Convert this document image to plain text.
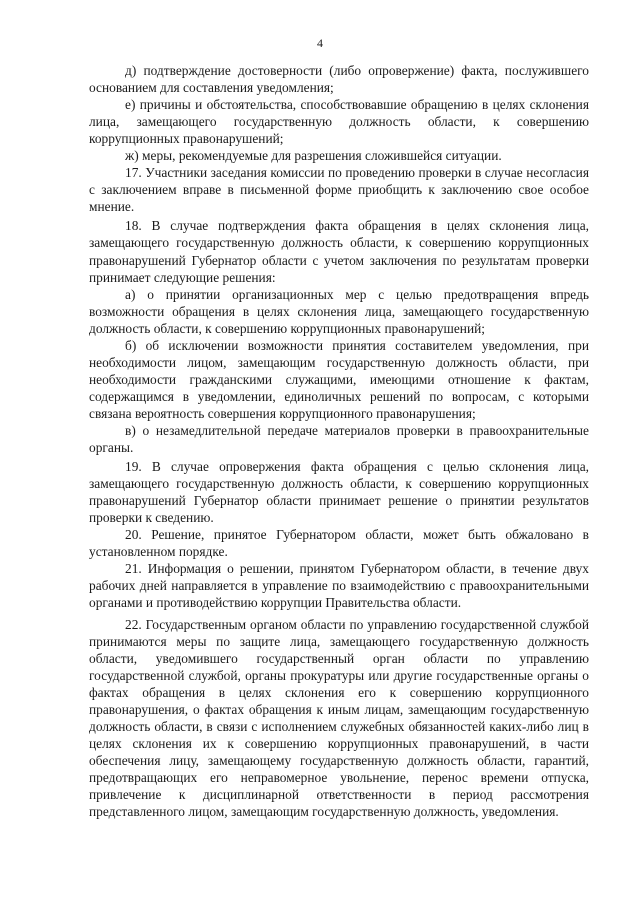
4

д) подтверждение достоверности (либо опровержение) факта, послужившего основанием для составления уведомления;

е) причины и обстоятельства, способствовавшие обращению в целях склонения лица, замещающего государственную должность области, к совершению коррупционных правонарушений;

ж) меры, рекомендуемые для разрешения сложившейся ситуации.

17. Участники заседания комиссии по проведению проверки в случае несогласия с заключением вправе в письменной форме приобщить к заключению свое особое мнение.

18. В случае подтверждения факта обращения в целях склонения лица, замещающего государственную должность области, к совершению коррупционных правонарушений Губернатор области с учетом заключения по результатам проверки принимает следующие решения:

а) о принятии организационных мер с целью предотвращения впредь возможности обращения в целях склонения лица, замещающего государственную должность области, к совершению коррупционных правонарушений;

б) об исключении возможности принятия составителем уведомления, при необходимости лицом, замещающим государственную должность области, при необходимости гражданскими служащими, имеющими отношение к фактам, содержащимся в уведомлении, единоличных решений по вопросам, с которыми связана вероятность совершения коррупционного правонарушения;

в) о незамедлительной передаче материалов проверки в правоохранительные органы.

19. В случае опровержения факта обращения с целью склонения лица, замещающего государственную должность области, к совершению коррупционных правонарушений Губернатор области принимает решение о принятии результатов проверки к сведению.

20. Решение, принятое Губернатором области, может быть обжаловано в установленном порядке.

21. Информация о решении, принятом Губернатором области, в течение двух рабочих дней направляется в управление по взаимодействию с правоохранительными органами и противодействию коррупции Правительства области.

22. Государственным органом области по управлению государственной службой принимаются меры по защите лица, замещающего государственную должность области, уведомившего государственный орган области по управлению государственной службой, органы прокуратуры или другие государственные органы о фактах обращения в целях склонения его к совершению коррупционного правонарушения, о фактах обращения к иным лицам, замещающим государственную должность области, в связи с исполнением служебных обязанностей каких-либо лиц в целях склонения их к совершению коррупционных правонарушений, в части обеспечения лицу, замещающему государственную должность области, гарантий, предотвращающих его неправомерное увольнение, перенос времени отпуска, привлечение к дисциплинарной ответственности в период рассмотрения представленного лицом, замещающим государственную должность, уведомления.
